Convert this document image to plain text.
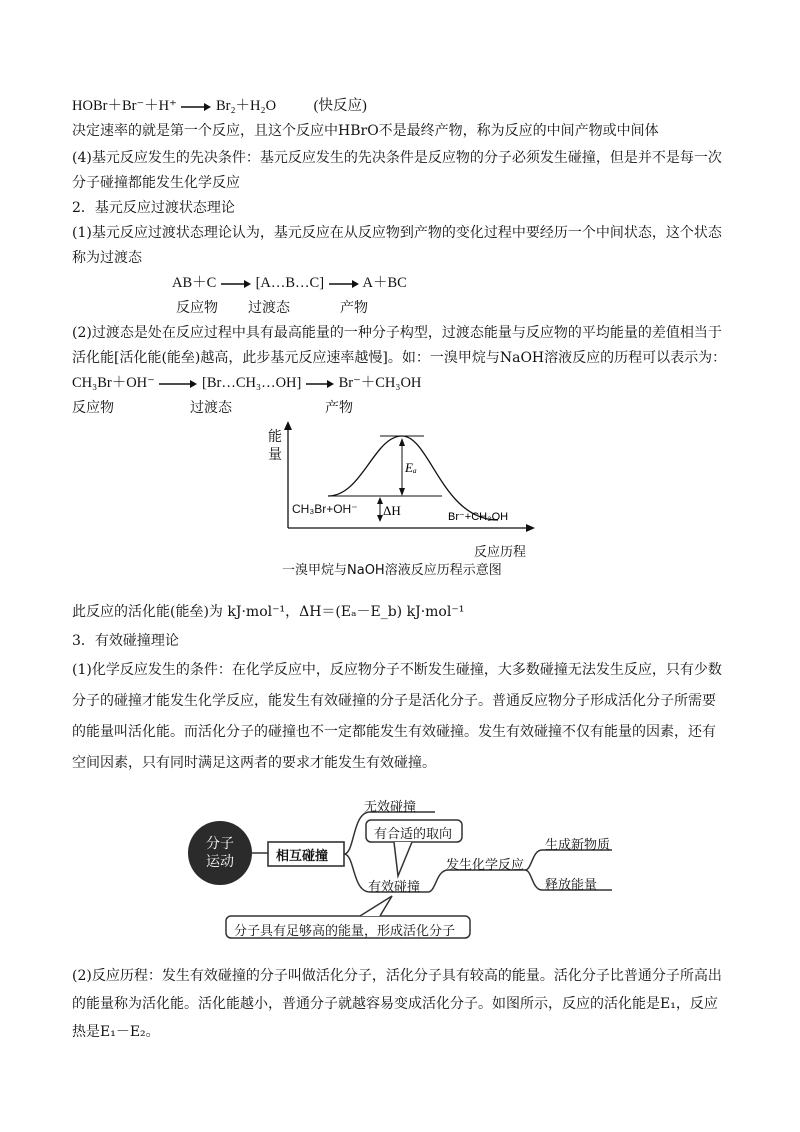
HOBr＋Br⁻＋H⁺	Br₂＋H₂O	(快反应)
决定速率的就是第一个反应，且这个反应中HBrO不是最终产物，称为反应的中间产物或中间体
(4)基元反应发生的先决条件：基元反应发生的先决条件是反应物的分子必须发生碰撞，但是并不是每一次
分子碰撞都能发生化学反应
2．基元反应过渡状态理论
(1)基元反应过渡状态理论认为，基元反应在从反应物到产物的变化过程中要经历一个中间状态，这个状态
称为过渡态
AB＋C	[A…B…C]	A＋BC
反应物 过渡态	产物
(2)过渡态是处在反应过程中具有最高能量的一种分子构型，过渡态能量与反应物的平均能量的差值相当于
活化能[活化能(能垒)越高，此步基元反应速率越慢]。如：一溴甲烷与NaOH溶液反应的历程可以表示为：
CH₃Br＋OH⁻	[Br…CH₃…OH]	Br⁻＋CH₃OH
反应物	过渡态	产物
Eₐ
ΔH	Br⁻+CH₃OH
能量
CH₃Br+OH⁻
反应历程
一溴甲烷与NaOH溶液反应历程示意图
此反应的活化能(能垒)为 kJ·mol⁻¹，ΔH＝(Eₐ－E_b) kJ·mol⁻¹
3．有效碰撞理论
(1)化学反应发生的条件：在化学反应中，反应物分子不断发生碰撞，大多数碰撞无法发生反应，只有少数
分子的碰撞才能发生化学反应，能发生有效碰撞的分子是活化分子。普通反应物分子形成活化分子所需要
的能量叫活化能。而活化分子的碰撞也不一定都能发生有效碰撞。发生有效碰撞不仅有能量的因素，还有
空间因素，只有同时满足这两者的要求才能发生有效碰撞。
分子运动	相互碰撞
无效碰撞
有合适的取向
有效碰撞
发生化学反应
生成新物质
释放能量
分子具有足够高的能量，形成活化分子
(2)反应历程：发生有效碰撞的分子叫做活化分子，活化分子具有较高的能量。活化分子比普通分子所高出
的能量称为活化能。活化能越小，普通分子就越容易变成活化分子。如图所示，反应的活化能是E₁，反应
热是E₁－E₂。
